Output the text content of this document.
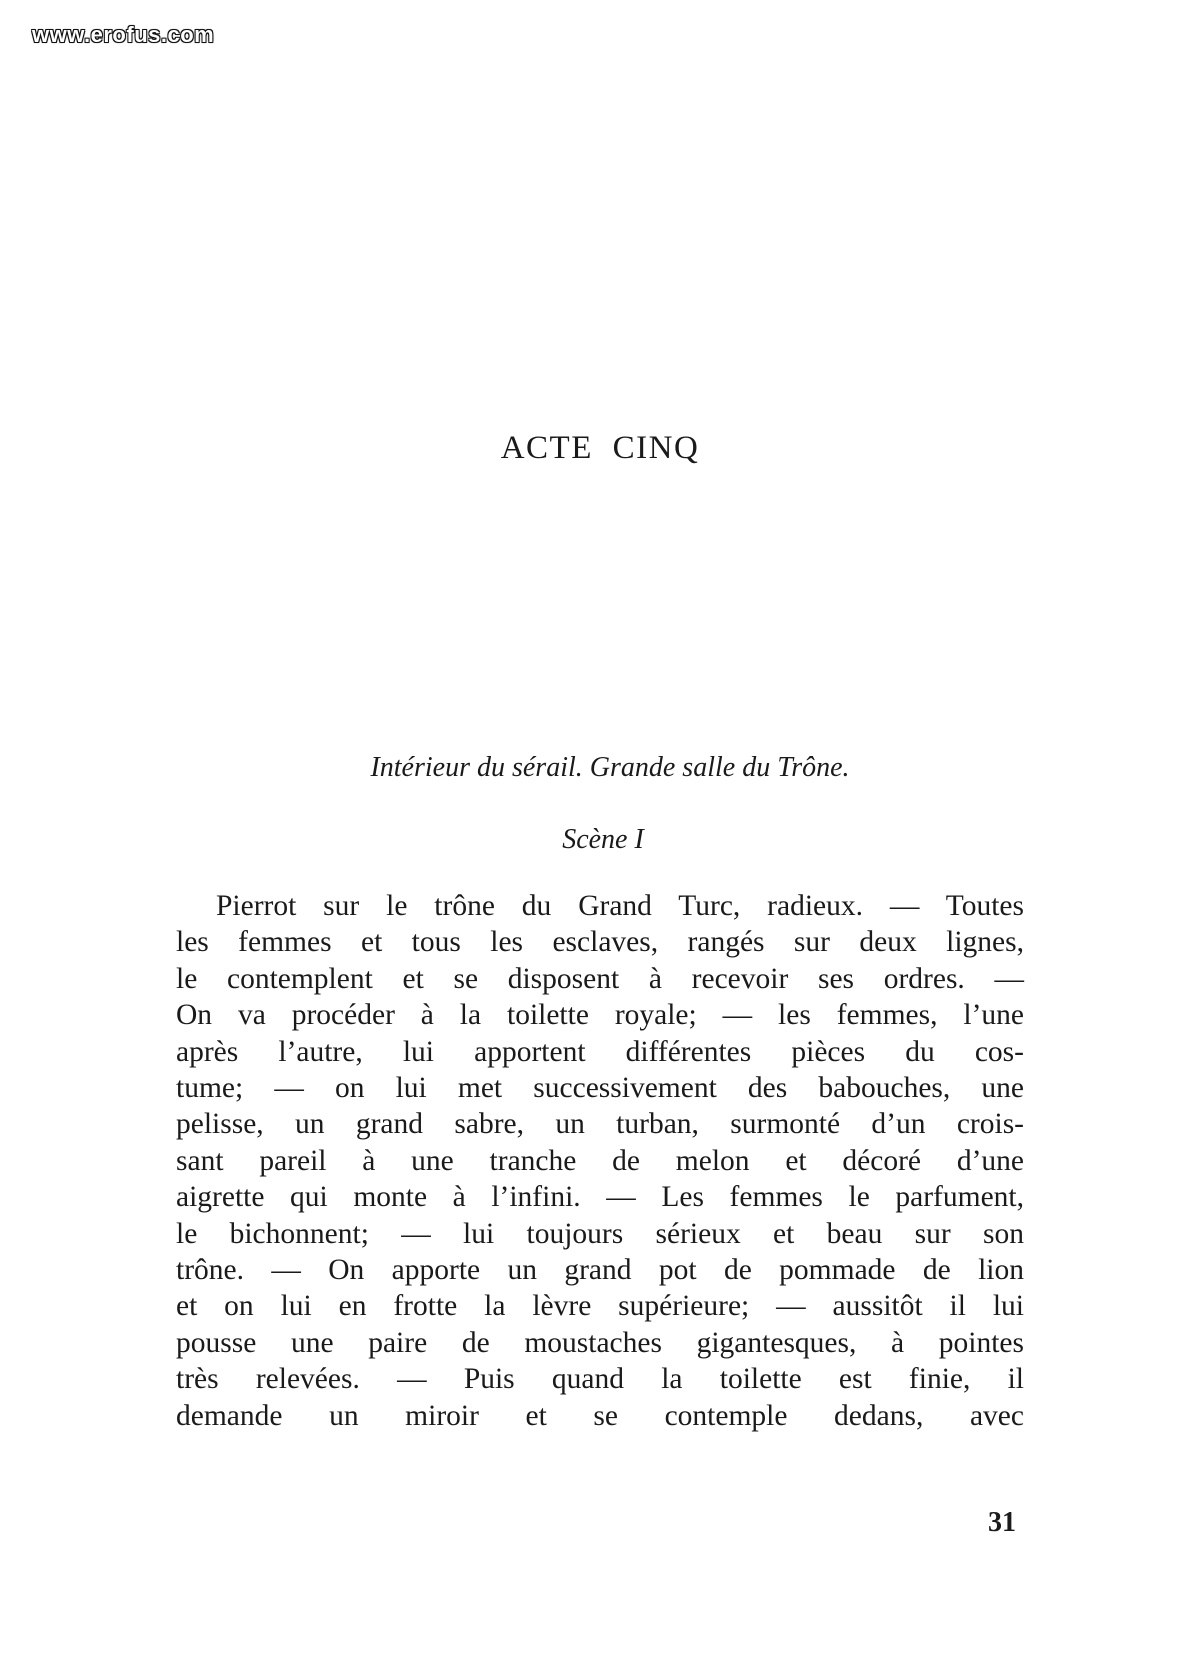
www.erofus.com
ACTE CINQ
Intérieur du sérail. Grande salle du Trône.
Scène I

Pierrot sur le trône du Grand Turc, radieux. — Toutes
les femmes et tous les esclaves, rangés sur deux lignes,
le contemplent et se disposent à recevoir ses ordres. —
On va procéder à la toilette royale; — les femmes, l’une
après l’autre, lui apportent différentes pièces du cos-
tume; — on lui met successivement des babouches, une
pelisse, un grand sabre, un turban, surmonté d’un crois-
sant pareil à une tranche de melon et décoré d’une
aigrette qui monte à l’infini. — Les femmes le parfument,
le bichonnent; — lui toujours sérieux et beau sur son
trône. — On apporte un grand pot de pommade de lion
et on lui en frotte la lèvre supérieure; — aussitôt il lui
pousse une paire de moustaches gigantesques, à pointes
très relevées. — Puis quand la toilette est finie, il
demande un miroir et se contemple dedans, avec

31
